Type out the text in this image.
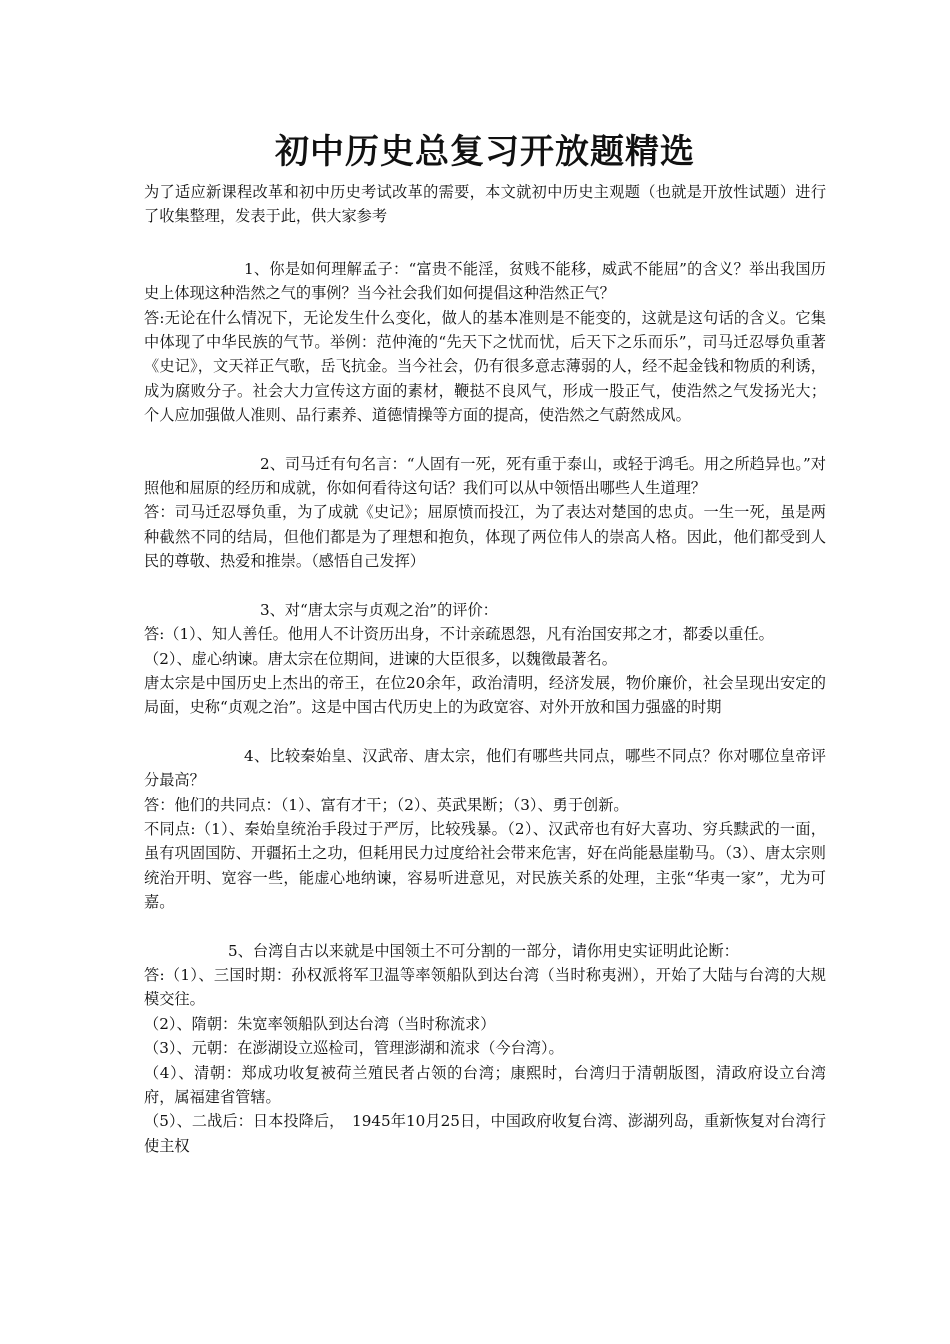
初中历史总复习开放题精选

为了适应新课程改革和初中历史考试改革的需要，本文就初中历史主观题（也就是开放性试题）进行了收集整理，发表于此，供大家参考

1、你是如何理解孟子：“富贵不能淫，贫贱不能移，威武不能屈”的含义？举出我国历史上体现这种浩然之气的事例？当今社会我们如何提倡这种浩然正气？

答:无论在什么情况下，无论发生什么变化，做人的基本准则是不能变的，这就是这句话的含义。它集中体现了中华民族的气节。举例：范仲淹的“先天下之忧而忧，后天下之乐而乐”，司马迁忍辱负重著《史记》，文天祥正气歌，岳飞抗金。当今社会，仍有很多意志薄弱的人，经不起金钱和物质的利诱，成为腐败分子。社会大力宣传这方面的素材，鞭挞不良风气，形成一股正气，使浩然之气发扬光大；个人应加强做人准则、品行素养、道德情操等方面的提高，使浩然之气蔚然成风。

2、司马迁有句名言：“人固有一死，死有重于泰山，或轻于鸿毛。用之所趋异也。”对照他和屈原的经历和成就，你如何看待这句话？我们可以从中领悟出哪些人生道理？

答：司马迁忍辱负重，为了成就《史记》；屈原愤而投江，为了表达对楚国的忠贞。一生一死，虽是两种截然不同的结局，但他们都是为了理想和抱负，体现了两位伟人的崇高人格。因此，他们都受到人民的尊敬、热爱和推崇。（感悟自己发挥）

3、对“唐太宗与贞观之治”的评价：

答:（1）、知人善任。他用人不计资历出身，不计亲疏恩怨，凡有治国安邦之才，都委以重任。

（2）、虚心纳谏。唐太宗在位期间，进谏的大臣很多，以魏徵最著名。

唐太宗是中国历史上杰出的帝王，在位20余年，政治清明，经济发展，物价廉价，社会呈现出安定的局面，史称“贞观之治”。这是中国古代历史上的为政宽容、对外开放和国力强盛的时期

4、比较秦始皇、汉武帝、唐太宗，他们有哪些共同点，哪些不同点？你对哪位皇帝评分最高？

答：他们的共同点：（1）、富有才干；（2）、英武果断；（3）、勇于创新。

不同点:（1）、秦始皇统治手段过于严厉，比较残暴。（2）、汉武帝也有好大喜功、穷兵黩武的一面，虽有巩固国防、开疆拓土之功，但耗用民力过度给社会带来危害，好在尚能悬崖勒马。（3）、唐太宗则统治开明、宽容一些，能虚心地纳谏，容易听进意见，对民族关系的处理，主张“华夷一家”，尤为可嘉。

5、台湾自古以来就是中国领土不可分割的一部分，请你用史实证明此论断：

答:（1）、三国时期：孙权派将军卫温等率领船队到达台湾（当时称夷洲），开始了大陆与台湾的大规模交往。

（2）、隋朝：朱宽率领船队到达台湾（当时称流求）

（3）、元朝：在澎湖设立巡检司，管理澎湖和流求（今台湾）。

（4）、清朝：郑成功收复被荷兰殖民者占领的台湾；康熙时，台湾归于清朝版图，清政府设立台湾府，属福建省管辖。

（5）、二战后：日本投降后，　1945年10月25日，中国政府收复台湾、澎湖列岛，重新恢复对台湾行使主权
